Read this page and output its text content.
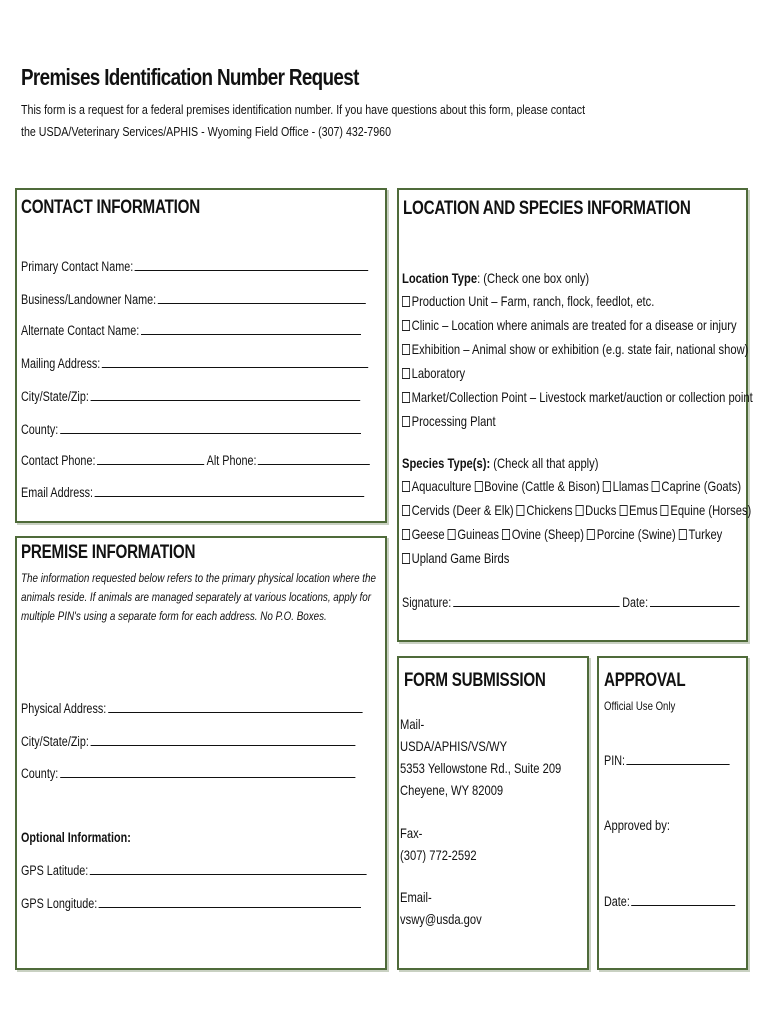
Premises Identification Number Request
This form is a request for a federal premises identification number. If you have questions about this form, please contact
the USDA/Veterinary Services/APHIS - Wyoming Field Office - (307) 432-7960
CONTACT INFORMATION
Primary Contact Name:
Business/Landowner Name:
Alternate Contact Name:
Mailing Address:
City/State/Zip:
County:
Contact Phone:	Alt Phone:
Email Address:
PREMISE INFORMATION
The information requested below refers to the primary physical location where the
animals reside. If animals are managed separately at various locations, apply for
multiple PIN's using a separate form for each address. No P.O. Boxes.
Physical Address:
City/State/Zip:
County:
Optional Information:
GPS Latitude:
GPS Longitude:
LOCATION AND SPECIES INFORMATION
Location Type: (Check one box only)
Production Unit – Farm, ranch, flock, feedlot, etc.
Clinic – Location where animals are treated for a disease or injury
Exhibition – Animal show or exhibition (e.g. state fair, national show)
Laboratory
Market/Collection Point – Livestock market/auction or collection point
Processing Plant
Species Type(s): (Check all that apply)
Aquaculture Bovine (Cattle & Bison) Llamas Caprine (Goats)
Cervids (Deer & Elk) Chickens Ducks Emus Equine (Horses)
Geese Guineas Ovine (Sheep) Porcine (Swine) Turkey
Upland Game Birds
Signature:	Date:
FORM SUBMISSION
Mail-
USDA/APHIS/VS/WY
5353 Yellowstone Rd., Suite 209
Cheyene, WY 82009
Fax-
(307) 772-2592
Email-
vswy@usda.gov
APPROVAL
Official Use Only
PIN:
Approved by:
Date:
